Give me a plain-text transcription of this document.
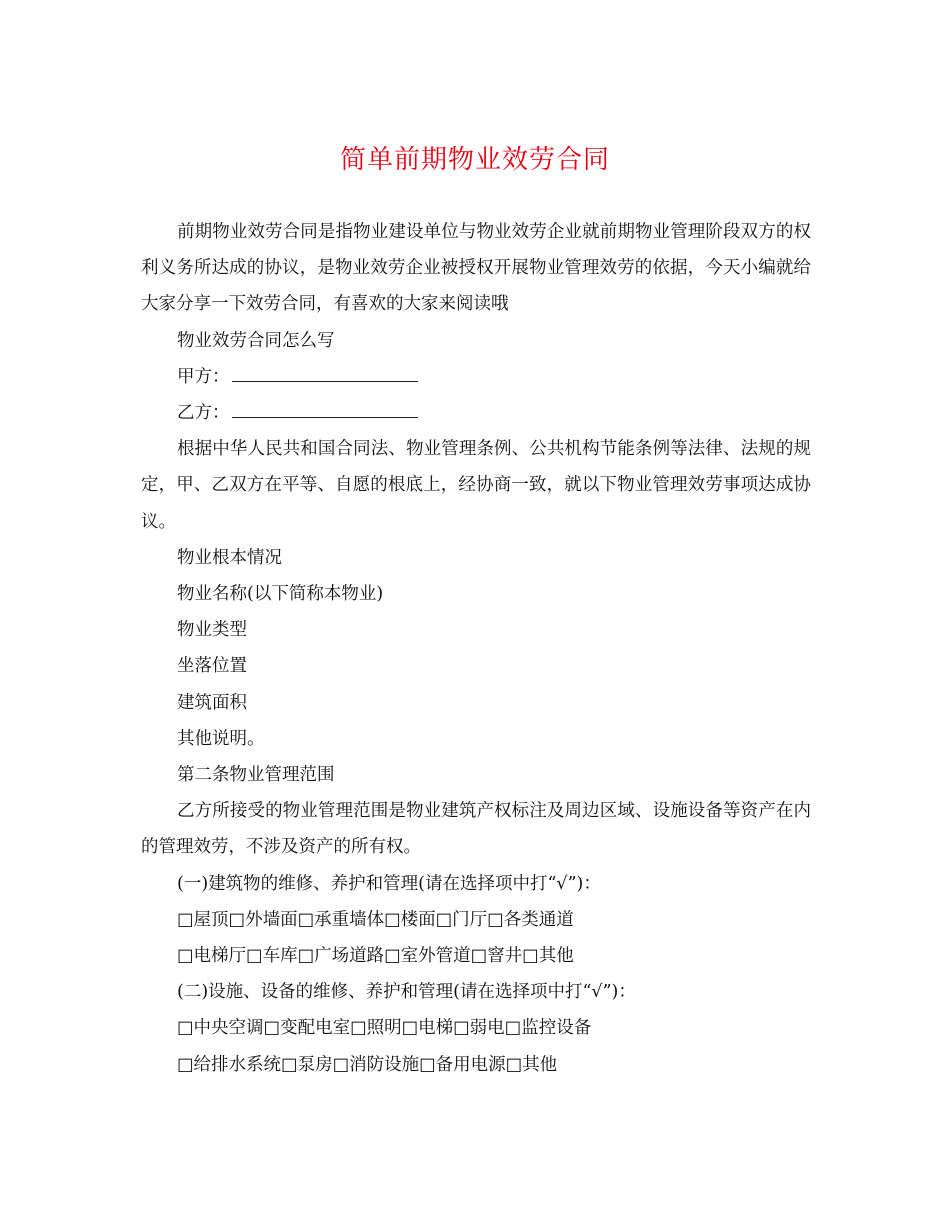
简单前期物业效劳合同

前期物业效劳合同是指物业建设单位与物业效劳企业就前期物业管理阶段双方的权利义务所达成的协议，是物业效劳企业被授权开展物业管理效劳的依据，今天小编就给大家分享一下效劳合同，有喜欢的大家来阅读哦

物业效劳合同怎么写

甲方：

乙方：

根据中华人民共和国合同法、物业管理条例、公共机构节能条例等法律、法规的规定，甲、乙双方在平等、自愿的根底上，经协商一致，就以下物业管理效劳事项达成协议。

物业根本情况

物业名称(以下简称本物业)

物业类型

坐落位置

建筑面积

其他说明。

第二条物业管理范围

乙方所接受的物业管理范围是物业建筑产权标注及周边区域、设施设备等资产在内的管理效劳，不涉及资产的所有权。

(一)建筑物的维修、养护和管理(请在选择项中打“√”)：

□屋顶□外墙面□承重墙体□楼面□门厅□各类通道

□电梯厅□车库□广场道路□室外管道□窨井□其他

(二)设施、设备的维修、养护和管理(请在选择项中打“√”)：

□中央空调□变配电室□照明□电梯□弱电□监控设备

□给排水系统□泵房□消防设施□备用电源□其他
